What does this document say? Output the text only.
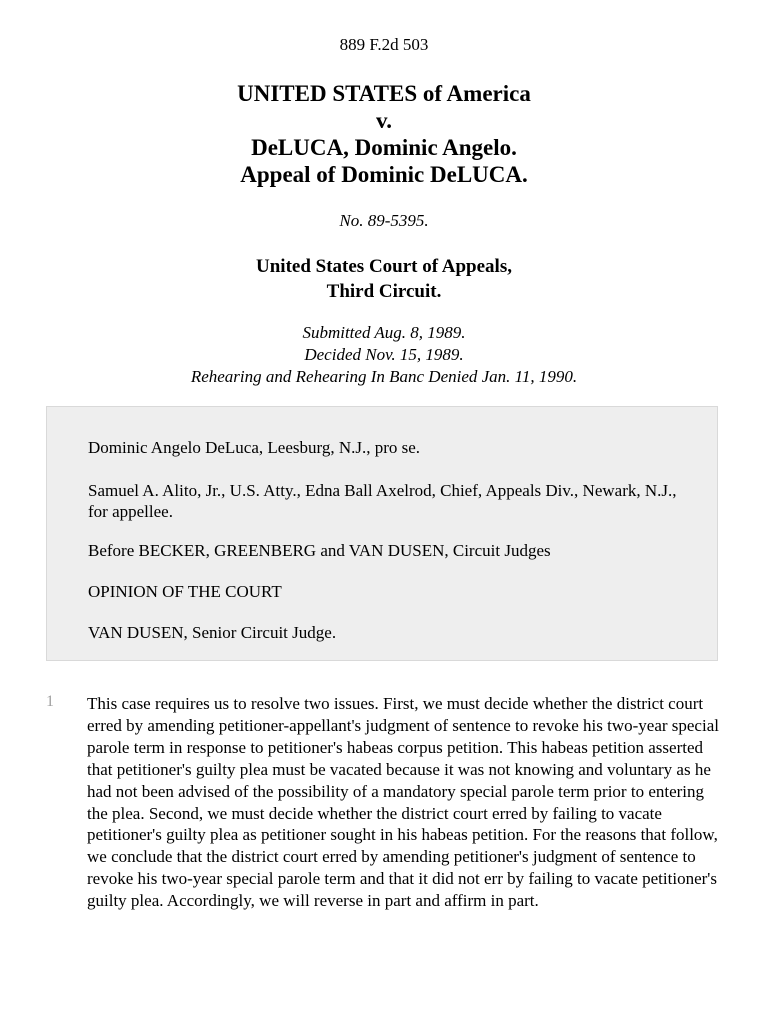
889 F.2d 503
UNITED STATES of America
v.
DeLUCA, Dominic Angelo.
Appeal of Dominic DeLUCA.
No. 89-5395.
United States Court of Appeals,
Third Circuit.
Submitted Aug. 8, 1989.
Decided Nov. 15, 1989.
Rehearing and Rehearing In Banc Denied Jan. 11, 1990.

Dominic Angelo DeLuca, Leesburg, N.J., pro se.

Samuel A. Alito, Jr., U.S. Atty., Edna Ball Axelrod, Chief, Appeals Div., Newark, N.J., for appellee.

Before BECKER, GREENBERG and VAN DUSEN, Circuit Judges

OPINION OF THE COURT

VAN DUSEN, Senior Circuit Judge.

1 This case requires us to resolve two issues. First, we must decide whether the district court erred by amending petitioner-appellant's judgment of sentence to revoke his two-year special parole term in response to petitioner's habeas corpus petition. This habeas petition asserted that petitioner's guilty plea must be vacated because it was not knowing and voluntary as he had not been advised of the possibility of a mandatory special parole term prior to entering the plea. Second, we must decide whether the district court erred by failing to vacate petitioner's guilty plea as petitioner sought in his habeas petition. For the reasons that follow, we conclude that the district court erred by amending petitioner's judgment of sentence to revoke his two-year special parole term and that it did not err by failing to vacate petitioner's guilty plea. Accordingly, we will reverse in part and affirm in part.
